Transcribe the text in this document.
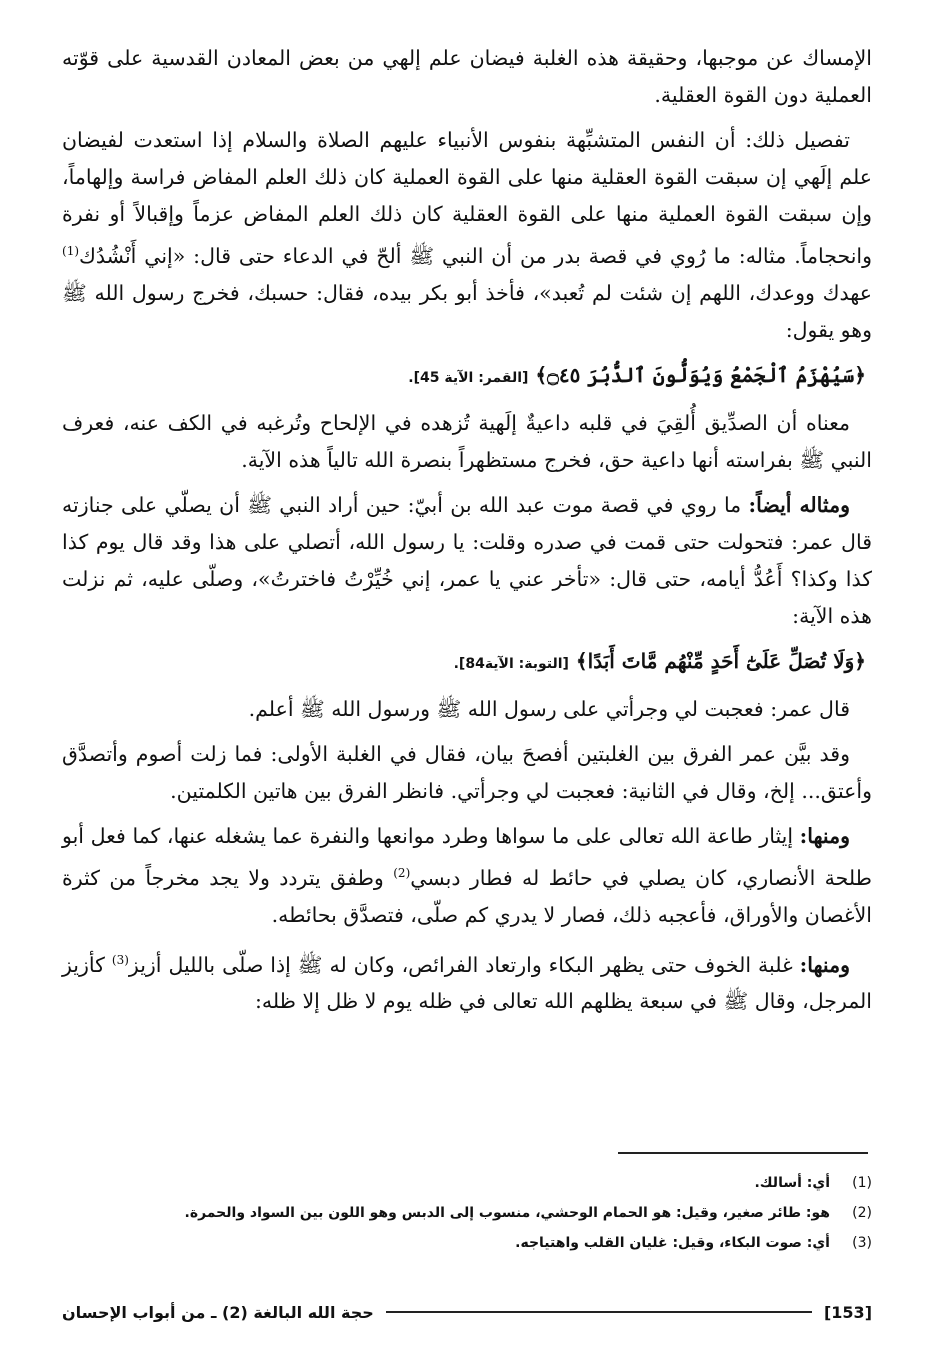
الإمساك عن موجبها، وحقيقة هذه الغلبة فيضان علم إلهي من بعض المعادن القدسية على قوّته العملية دون القوة العقلية.

تفصيل ذلك: أن النفس المتشبِّهة بنفوس الأنبياء عليهم الصلاة والسلام إذا استعدت لفيضان علم إلَهي إن سبقت القوة العقلية منها على القوة العملية كان ذلك العلم المفاض فراسة وإلهاماً، وإن سبقت القوة العملية منها على القوة العقلية كان ذلك العلم المفاض عزماً وإقبالاً أو نفرة وانحجاماً. مثاله: ما رُوي في قصة بدر من أن النبي ﷺ ألحّ في الدعاء حتى قال: «إني أَنْشُدُك$^{(1)}$ عهدك ووعدك، اللهم إن شئت لم تُعبد»، فأخذ أبو بكر بيده، فقال: حسبك، فخرج رسول الله ﷺ وهو يقول:

﴿سَيُهْزَمُ ٱلْجَمْعُ وَيُوَلُّونَ ٱلدُّبُرَ ۝٤٥﴾ [القمر: الآية 45].

معناه أن الصدِّيق أُلقِيَ في قلبه داعيةٌ إلَهية تُزهده في الإلحاح وتُرغبه في الكف عنه، فعرف النبي ﷺ بفراسته أنها داعية حق، فخرج مستظهراً بنصرة الله تالياً هذه الآية.

ومثاله أيضاً: ما روي في قصة موت عبد الله بن أبيّ: حين أراد النبي ﷺ أن يصلّي على جنازته قال عمر: فتحولت حتى قمت في صدره وقلت: يا رسول الله، أتصلي على هذا وقد قال يوم كذا كذا وكذا؟ أَعُدُّ أيامه، حتى قال: «تأخر عني يا عمر، إني خُيِّرْتُ فاخترتُ»، وصلّى عليه، ثم نزلت هذه الآية:

﴿وَلَا تُصَلِّ عَلَىٰٓ أَحَدٍ مِّنْهُم مَّاتَ أَبَدًا﴾ [التوبة: الآية84].

قال عمر: فعجبت لي وجرأتي على رسول الله ﷺ ورسول الله ﷺ أعلم.

وقد بيَّن عمر الفرق بين الغلبتين أفصحَ بيان، فقال في الغلبة الأولى: فما زلت أصوم وأتصدَّق وأعتق... إلخ، وقال في الثانية: فعجبت لي وجرأتي. فانظر الفرق بين هاتين الكلمتين.

ومنها: إيثار طاعة الله تعالى على ما سواها وطرد موانعها والنفرة عما يشغله عنها، كما فعل أبو طلحة الأنصاري، كان يصلي في حائط له فطار دبسي$^{(2)}$ وطفق يتردد ولا يجد مخرجاً من كثرة الأغصان والأوراق، فأعجبه ذلك، فصار لا يدري كم صلّى، فتصدَّق بحائطه.

ومنها: غلبة الخوف حتى يظهر البكاء وارتعاد الفرائص، وكان له ﷺ إذا صلّى بالليل أزيز$^{(3)}$ كأزيز المرجل، وقال ﷺ في سبعة يظلهم الله تعالى في ظله يوم لا ظل إلا ظله:

(1)
أي: أسالك.
(2)
هو: طائر صغير، وقيل: هو الحمام الوحشي، منسوب إلى الدبس وهو اللون بين السواد والحمرة.
(3)
أي: صوت البكاء، وقيل: غليان القلب واهتياجه.
[153]
حجة الله البالغة (2) ـ من أبواب الإحسان
